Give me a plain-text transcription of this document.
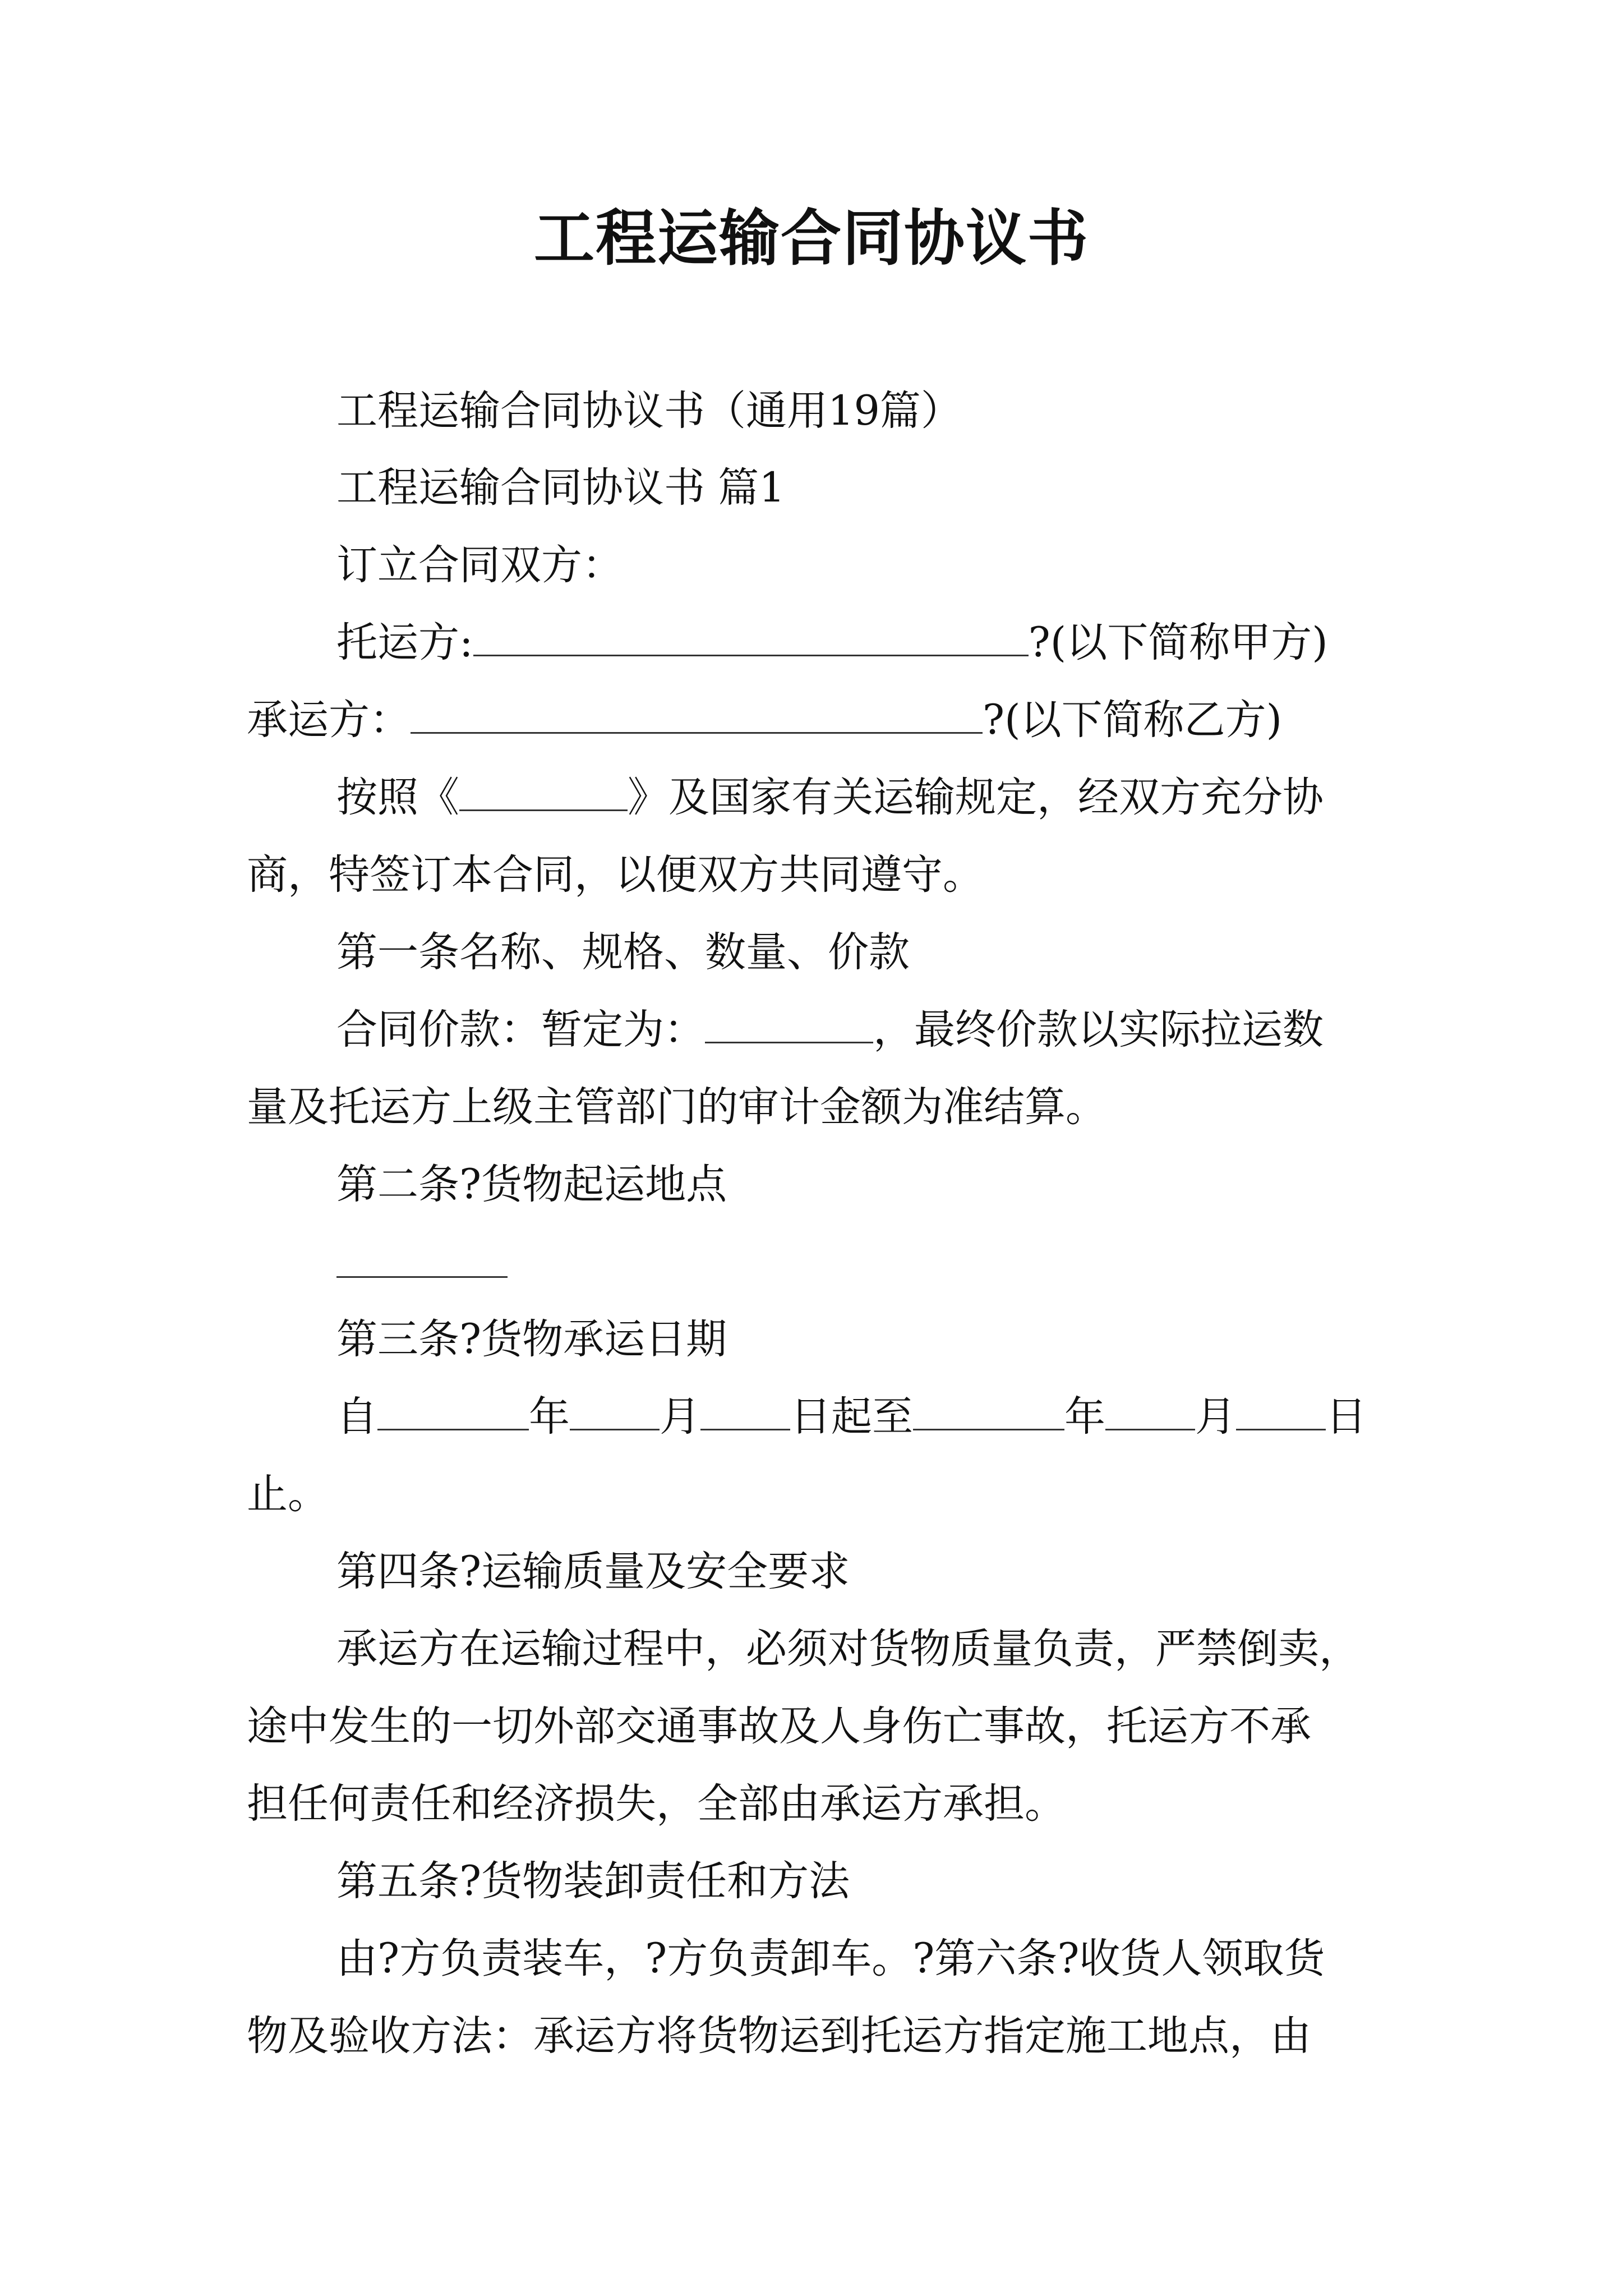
工程运输合同协议书
工程运输合同协议书（通用19篇）
工程运输合同协议书 篇1
订立合同双方：
托运方:	?(以下简称甲方)
承运方：	?(以下简称乙方)
按照《	》及国家有关运输规定，经双方充分协
商，特签订本合同，以便双方共同遵守。
第一条名称、规格、数量、价款
合同价款：暂定为：	，最终价款以实际拉运数
量及托运方上级主管部门的审计金额为准结算。
第二条?货物起运地点
第三条?货物承运日期
自	年 月 日起至	年 月 日
止。
第四条?运输质量及安全要求
承运方在运输过程中，必须对货物质量负责，严禁倒卖，
途中发生的一切外部交通事故及人身伤亡事故，托运方不承
担任何责任和经济损失，全部由承运方承担。
第五条?货物装卸责任和方法
由?方负责装车，?方负责卸车。?第六条?收货人领取货
物及验收方法：承运方将货物运到托运方指定施工地点，由
